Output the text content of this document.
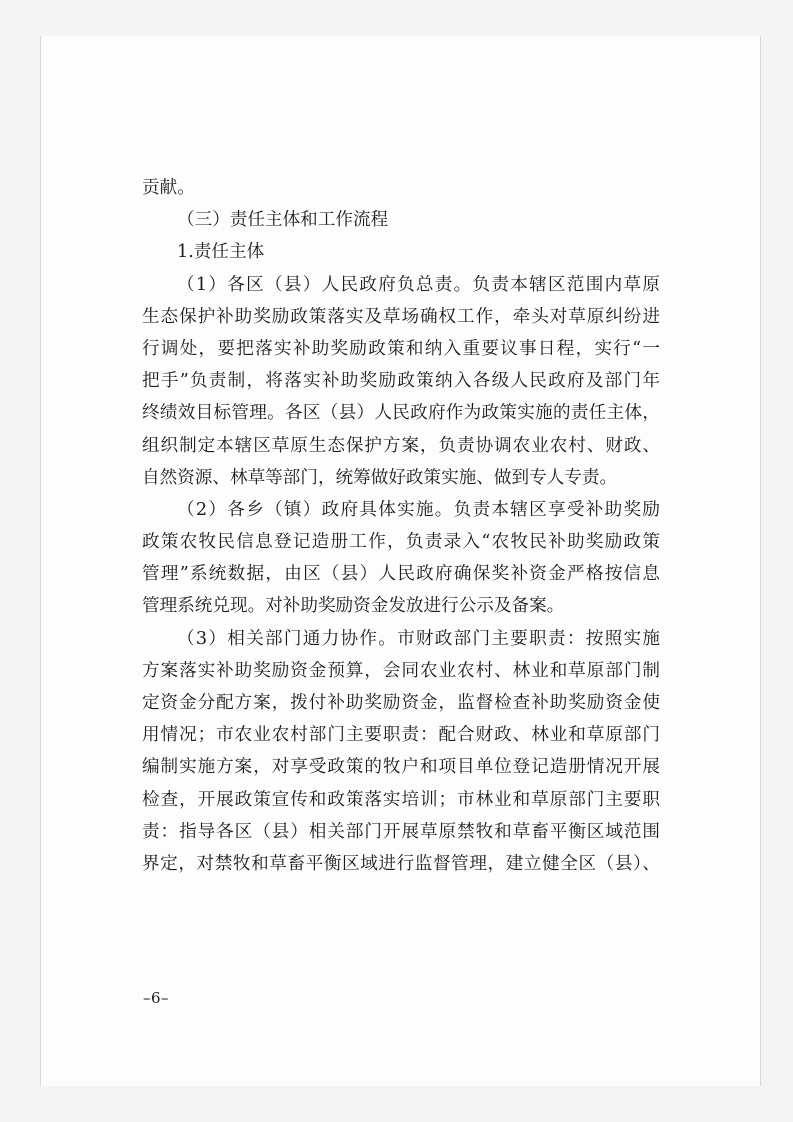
贡献。
（三）责任主体和工作流程
1.责任主体
（1）各区（县）人民政府负总责。负责本辖区范围内草原
生态保护补助奖励政策落实及草场确权工作，牵头对草原纠纷进
行调处，要把落实补助奖励政策和纳入重要议事日程，实行“一
把手”负责制，将落实补助奖励政策纳入各级人民政府及部门年
终绩效目标管理。各区（县）人民政府作为政策实施的责任主体，
组织制定本辖区草原生态保护方案，负责协调农业农村、财政、
自然资源、林草等部门，统筹做好政策实施、做到专人专责。
（2）各乡（镇）政府具体实施。负责本辖区享受补助奖励
政策农牧民信息登记造册工作，负责录入“农牧民补助奖励政策
管理”系统数据，由区（县）人民政府确保奖补资金严格按信息
管理系统兑现。对补助奖励资金发放进行公示及备案。
（3）相关部门通力协作。市财政部门主要职责：按照实施
方案落实补助奖励资金预算，会同农业农村、林业和草原部门制
定资金分配方案，拨付补助奖励资金，监督检查补助奖励资金使
用情况；市农业农村部门主要职责：配合财政、林业和草原部门
编制实施方案，对享受政策的牧户和项目单位登记造册情况开展
检查，开展政策宣传和政策落实培训；市林业和草原部门主要职
责：指导各区（县）相关部门开展草原禁牧和草畜平衡区域范围
界定，对禁牧和草畜平衡区域进行监督管理，建立健全区（县）、
–6–
